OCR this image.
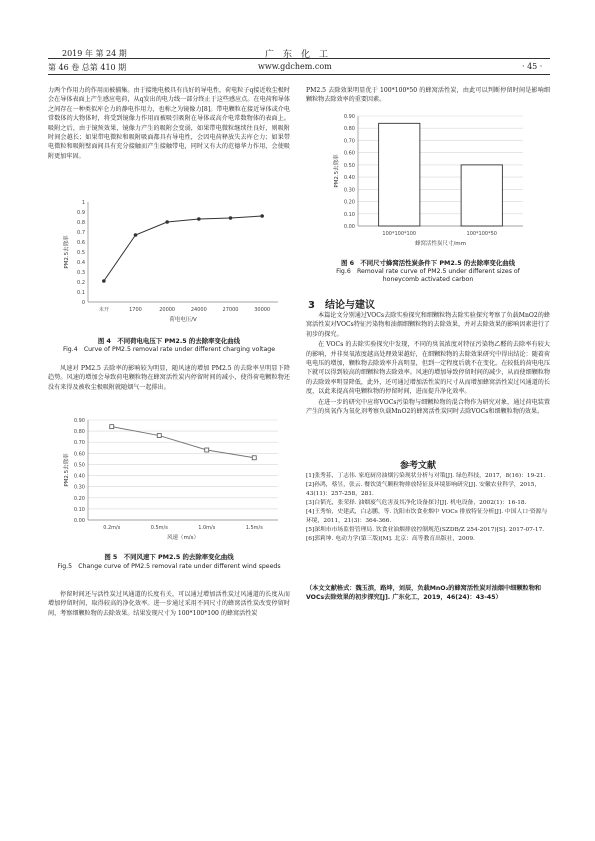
2019 年 第 24 期	广　东　化　工
第 46 卷 总第 410 期	www.gdchem.com	· 45 ·

力两个作用力的作用而被捕集。由于接地电极具有良好的导电性，荷电粒子q接近收尘极时会在导体表面上产生感应电荷，从q发出的电力线一部分终止于这些感应点。在电荷和导体之间存在一种类似库仑力的静电作用力，也称之为镜像力[8]。带电颗粒在接近导体或介电常数体的大物体时，将受到镜像力作用而被吸引吸附在导体或高介电常数物体的表面上。吸附之后，由于镜预效果，镜像力产生的吸附会变弱，如果带电微粒继续往良好，则吸附时间会越长；如果带电微粒和吸附吸面都具有导电性，会因电荷释放失去库仑力；如果带电微粒和吸附壁面间具有充分接触而产生接触带电，同时又有大的范德华力作用，会使吸附更加牢固。

0
0.1
0.2
0.3
0.4
0.5
0.6
0.7
0.8
0.9
1
未开	1700	20000	24000	27000	30000
荷电电压/V
PM2.5去除率
图 4　不同荷电电压下 PM2.5 的去除率变化曲线
Fig.4　Curve of PM2.5 removal rate under different charging voltage

风速对 PM2.5 去除率的影响较为明显，随风速的增加 PM2.5 的去除率呈明显下降趋势。风速的增加会导致荷电颗粒物在蜂窝活性炭内停留时间的减小，使得荷电颗粒物还没有来得及被收尘极吸附就随烟气一起排出。

0.00
0.10
0.20
0.30
0.40
0.50
0.60
0.70
0.80
0.90
0.2m/s	0.5m/s	1.0m/s	1.5m/s
风速（m/s）
PM2.5去除率
图 5　不同风速下 PM2.5 的去除率变化曲线
Fig.5　Change curve of PM2.5 removal rate under different wind speeds

停留时间还与活性炭过风通道的长度有关，可以通过增加活性炭过风通道的长度从而增加停留时间，取得较高的净化效率。进一步通过采用不同尺寸的蜂窝活性炭改变停留时间，考察细颗粒物的去除效果。结果发现尺寸为 100*100*100 的蜂窝活性炭

PM2.5 去除效果明显优于 100*100*50 的蜂窝活性炭，由此可以判断停留时间是影响细颗粒物去除效率的重要因素。

0.00
0.10
0.20
0.30
0.40
0.50
0.60
0.70
0.80
0.90
100*100*100	100*100*50
蜂窝活性炭尺寸/mm
PM2.5去除率
图 6　不同尺寸蜂窝活性炭条件下 PM2.5 的去除率变化曲线
Fig.6　Removal rate curve of PM2.5 under different sizes of honeycomb activated carbon
3　结论与建议

本篇论文分别通过VOCs去除实验探究和细颗粒物去除实验探究考察了负载MnO2的蜂窝活性炭对VOCs特征污染物和油烟细颗粒物的去除效果，并对去除效果的影响因素进行了初步的探究。

在 VOCs 的去除实验探究中发现，不同的臭氧浓度对特征污染物乙醛的去除率有较大的影响，并非臭氧浓度越高处理效果越好，在细颗粒物的去除效果研究中得出结论：随着荷电电压的增加，颗粒物去除效率升高明显，但到一定程度后就不在变化。在较低的荷电电压下就可以得到较高的细颗粒物去除效率。风速的增加导致停留时间的减少，从而使细颗粒物的去除效率明显降低，此外，还可通过增加活性炭的尺寸从而增加蜂窝活性炭过风通道的长度，以此来提高荷电颗粒物的停留时间，进而提升净化效率。

在进一步的研究中应将VOCs污染物与细颗粒物的混合物作为研究对象，通过荷电装置产生的臭氧作为氧化剂考察负载MnO2的蜂窝活性炭同时去除VOCs和细颗粒物的效果。

参考文献
[1]张秀荪，丁志伟. 家庭厨房油烟污染现状分析与对策[J]. 绿色科技，2017，8(16)：19-21.
[2]孙鸿，蔡昱，张云. 餐饮烫气颗粒物排放特征及环境影响研究[J]. 安徽农业科学，2015，43(11)：257-258，281.
[3]白韬光，张荣择. 油烟废气危害及其净化设备探讨[J]. 机电设备，2002(1)：16-18.
[4]王秀怡，史建武，白志鹏，等. 沈阳市饮食业烟中 VOCs 排放特征分析[J]. 中国人口·资源与环境，2011，21(3)：364-366.
[5]深圳市市场监督管理局. 饮食业油烟排放控制规范(SZDB/Z 254-2017)[S]. 2017-07-17.
[6]郭莉坤. 电动力学(第三版)[M]. 北京：高等教育出版社，2009.
（本文文献格式：魏玉滨，路坤，刘辰，负载MnO₂的蜂窝活性炭对油烟中细颗粒物和VOCs去除效果的初步探究[J]. 广东化工，2019，46(24)：43-45）
